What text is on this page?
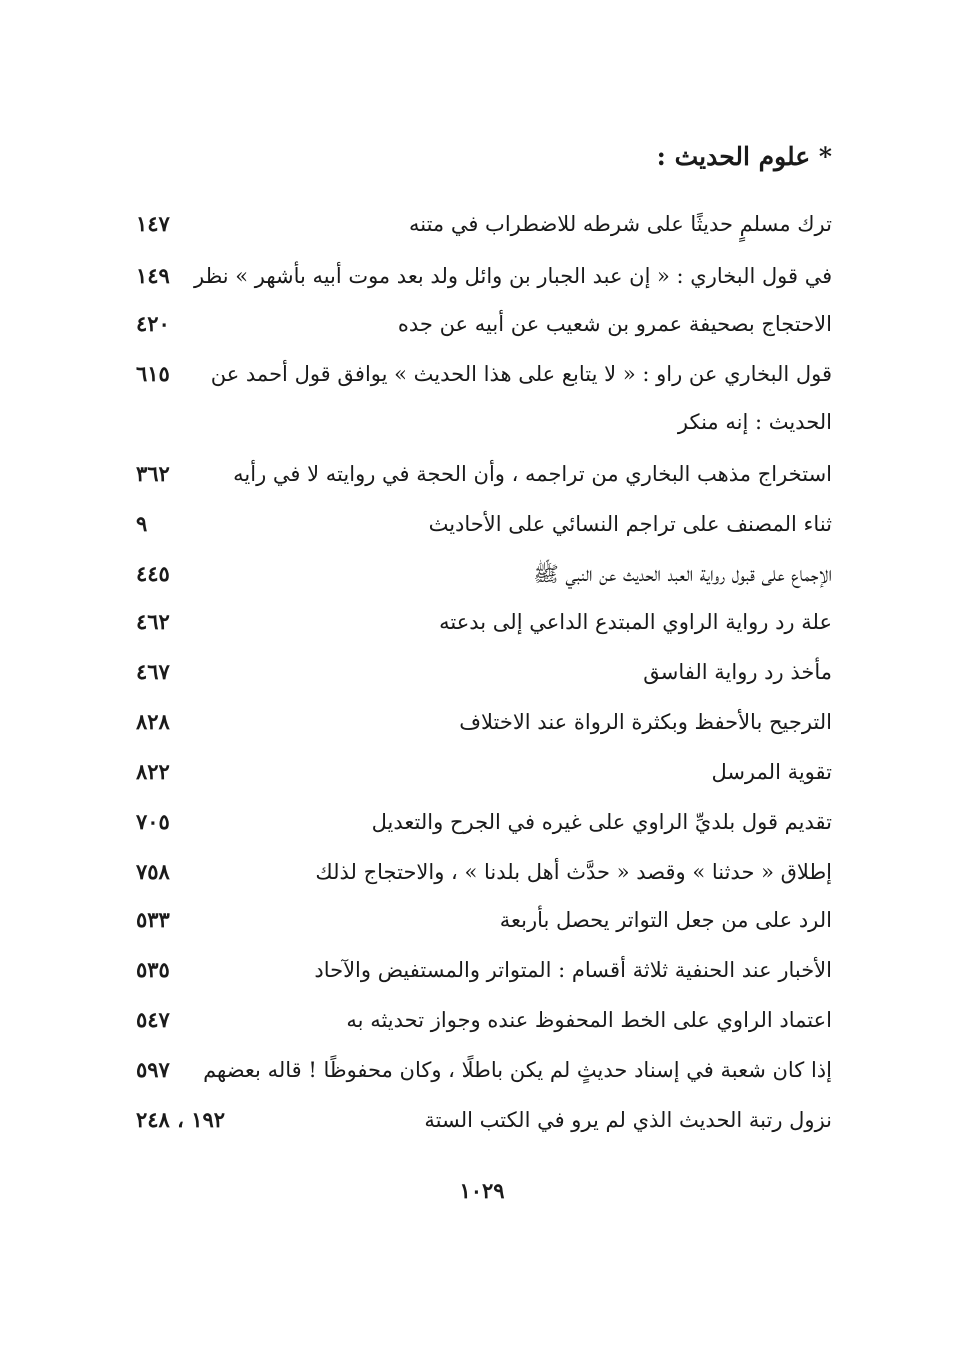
* علوم الحديث :
ترك مسلمٍ حديثًا على شرطه للاضطراب في متنه
١٤٧
في قول البخاري : « إن عبد الجبار بن وائل ولد بعد موت أبيه بأشهر » نظر
١٤٩
الاحتجاج بصحيفة عمرو بن شعيب عن أبيه عن جده
٤٢٠
قول البخاري عن راو : « لا يتابع على هذا الحديث » يوافق قول أحمد عن
٦١٥
الحديث : إنه منكر
استخراج مذهب البخاري من تراجمه ، وأن الحجة في روايته لا في رأيه
٣٦٢
ثناء المصنف على تراجم النسائي على الأحاديث
٩
الإجماع على قبول رواية العبد الحديث عن النبي ﷺ
٤٤٥
علة رد رواية الراوي المبتدع الداعي إلى بدعته
٤٦٢
مأخذ رد رواية الفاسق
٤٦٧
الترجيح بالأحفظ وبكثرة الرواة عند الاختلاف
٨٢٨
تقوية المرسل
٨٢٢
تقديم قول بلديِّ الراوي على غيره في الجرح والتعديل
٧٠٥
إطلاق « حدثنا » وقصد « حدَّث أهل بلدنا » ، والاحتجاج لذلك
٧٥٨
الرد على من جعل التواتر يحصل بأربعة
٥٣٣
الأخبار عند الحنفية ثلاثة أقسام : المتواتر والمستفيض والآحاد
٥٣٥
اعتماد الراوي على الخط المحفوظ عنده وجواز تحديثه به
٥٤٧
إذا كان شعبة في إسناد حديثٍ لم يكن باطلًا ، وكان محفوظًا ! قاله بعضهم
٥٩٧
نزول رتبة الحديث الذي لم يرو في الكتب الستة
١٩٢ ، ٢٤٨
١٠٢٩
